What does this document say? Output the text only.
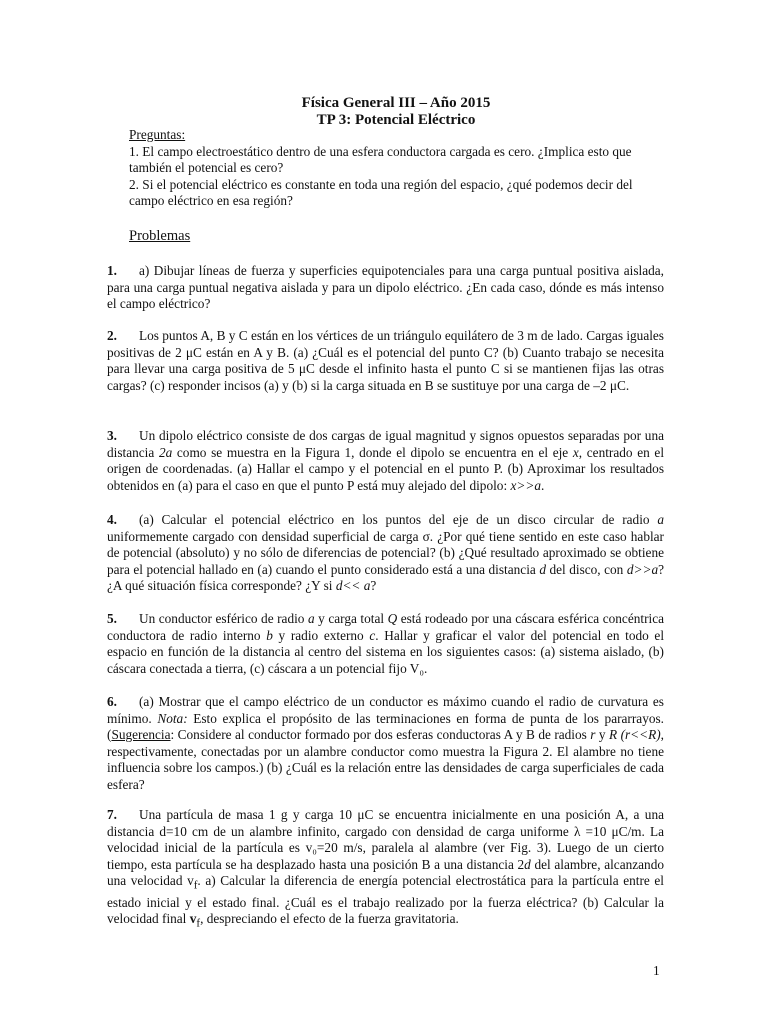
Física General III – Año 2015
TP 3: Potencial Eléctrico
Preguntas:
1. El campo electroestático dentro de una esfera conductora cargada es cero. ¿Implica esto que también el potencial es cero?
2. Si el potencial eléctrico es constante en toda una región del espacio, ¿qué podemos decir del campo eléctrico en esa región?
Problemas
1. a) Dibujar líneas de fuerza y superficies equipotenciales para una carga puntual positiva aislada, para una carga puntual negativa aislada y para un dipolo eléctrico. ¿En cada caso, dónde es más intenso el campo eléctrico?
2. Los puntos A, B y C están en los vértices de un triángulo equilátero de 3 m de lado. Cargas iguales positivas de 2 μC están en A y B. (a) ¿Cuál es el potencial del punto C? (b) Cuanto trabajo se necesita para llevar una carga positiva de 5 μC desde el infinito hasta el punto C si se mantienen fijas las otras cargas? (c) responder incisos (a) y (b) si la carga situada en B se sustituye por una carga de –2 μC.
3. Un dipolo eléctrico consiste de dos cargas de igual magnitud y signos opuestos separadas por una distancia 2a como se muestra en la Figura 1, donde el dipolo se encuentra en el eje x, centrado en el origen de coordenadas. (a) Hallar el campo y el potencial en el punto P. (b) Aproximar los resultados obtenidos en (a) para el caso en que el punto P está muy alejado del dipolo: x>>a.
4. (a) Calcular el potencial eléctrico en los puntos del eje de un disco circular de radio a uniformemente cargado con densidad superficial de carga σ. ¿Por qué tiene sentido en este caso hablar de potencial (absoluto) y no sólo de diferencias de potencial? (b) ¿Qué resultado aproximado se obtiene para el potencial hallado en (a) cuando el punto considerado está a una distancia d del disco, con d>>a? ¿A qué situación física corresponde? ¿Y si d<< a?
5. Un conductor esférico de radio a y carga total Q está rodeado por una cáscara esférica concéntrica conductora de radio interno b y radio externo c. Hallar y graficar el valor del potencial en todo el espacio en función de la distancia al centro del sistema en los siguientes casos: (a) sistema aislado, (b) cáscara conectada a tierra, (c) cáscara a un potencial fijo V₀.
6. (a) Mostrar que el campo eléctrico de un conductor es máximo cuando el radio de curvatura es mínimo. Nota: Esto explica el propósito de las terminaciones en forma de punta de los pararrayos. (Sugerencia: Considere al conductor formado por dos esferas conductoras A y B de radios r y R (r<<R), respectivamente, conectadas por un alambre conductor como muestra la Figura 2. El alambre no tiene influencia sobre los campos.) (b) ¿Cuál es la relación entre las densidades de carga superficiales de cada esfera?
7. Una partícula de masa 1 g y carga 10 μC se encuentra inicialmente en una posición A, a una distancia d=10 cm de un alambre infinito, cargado con densidad de carga uniforme λ =10 μC/m. La velocidad inicial de la partícula es v₀=20 m/s, paralela al alambre (ver Fig. 3). Luego de un cierto tiempo, esta partícula se ha desplazado hasta una posición B a una distancia 2d del alambre, alcanzando una velocidad $v_f$. a) Calcular la diferencia de energía potencial electrostática para la partícula entre el estado inicial y el estado final. ¿Cuál es el trabajo realizado por la fuerza eléctrica? (b) Calcular la velocidad final $v_f$, despreciando el efecto de la fuerza gravitatoria.
1
